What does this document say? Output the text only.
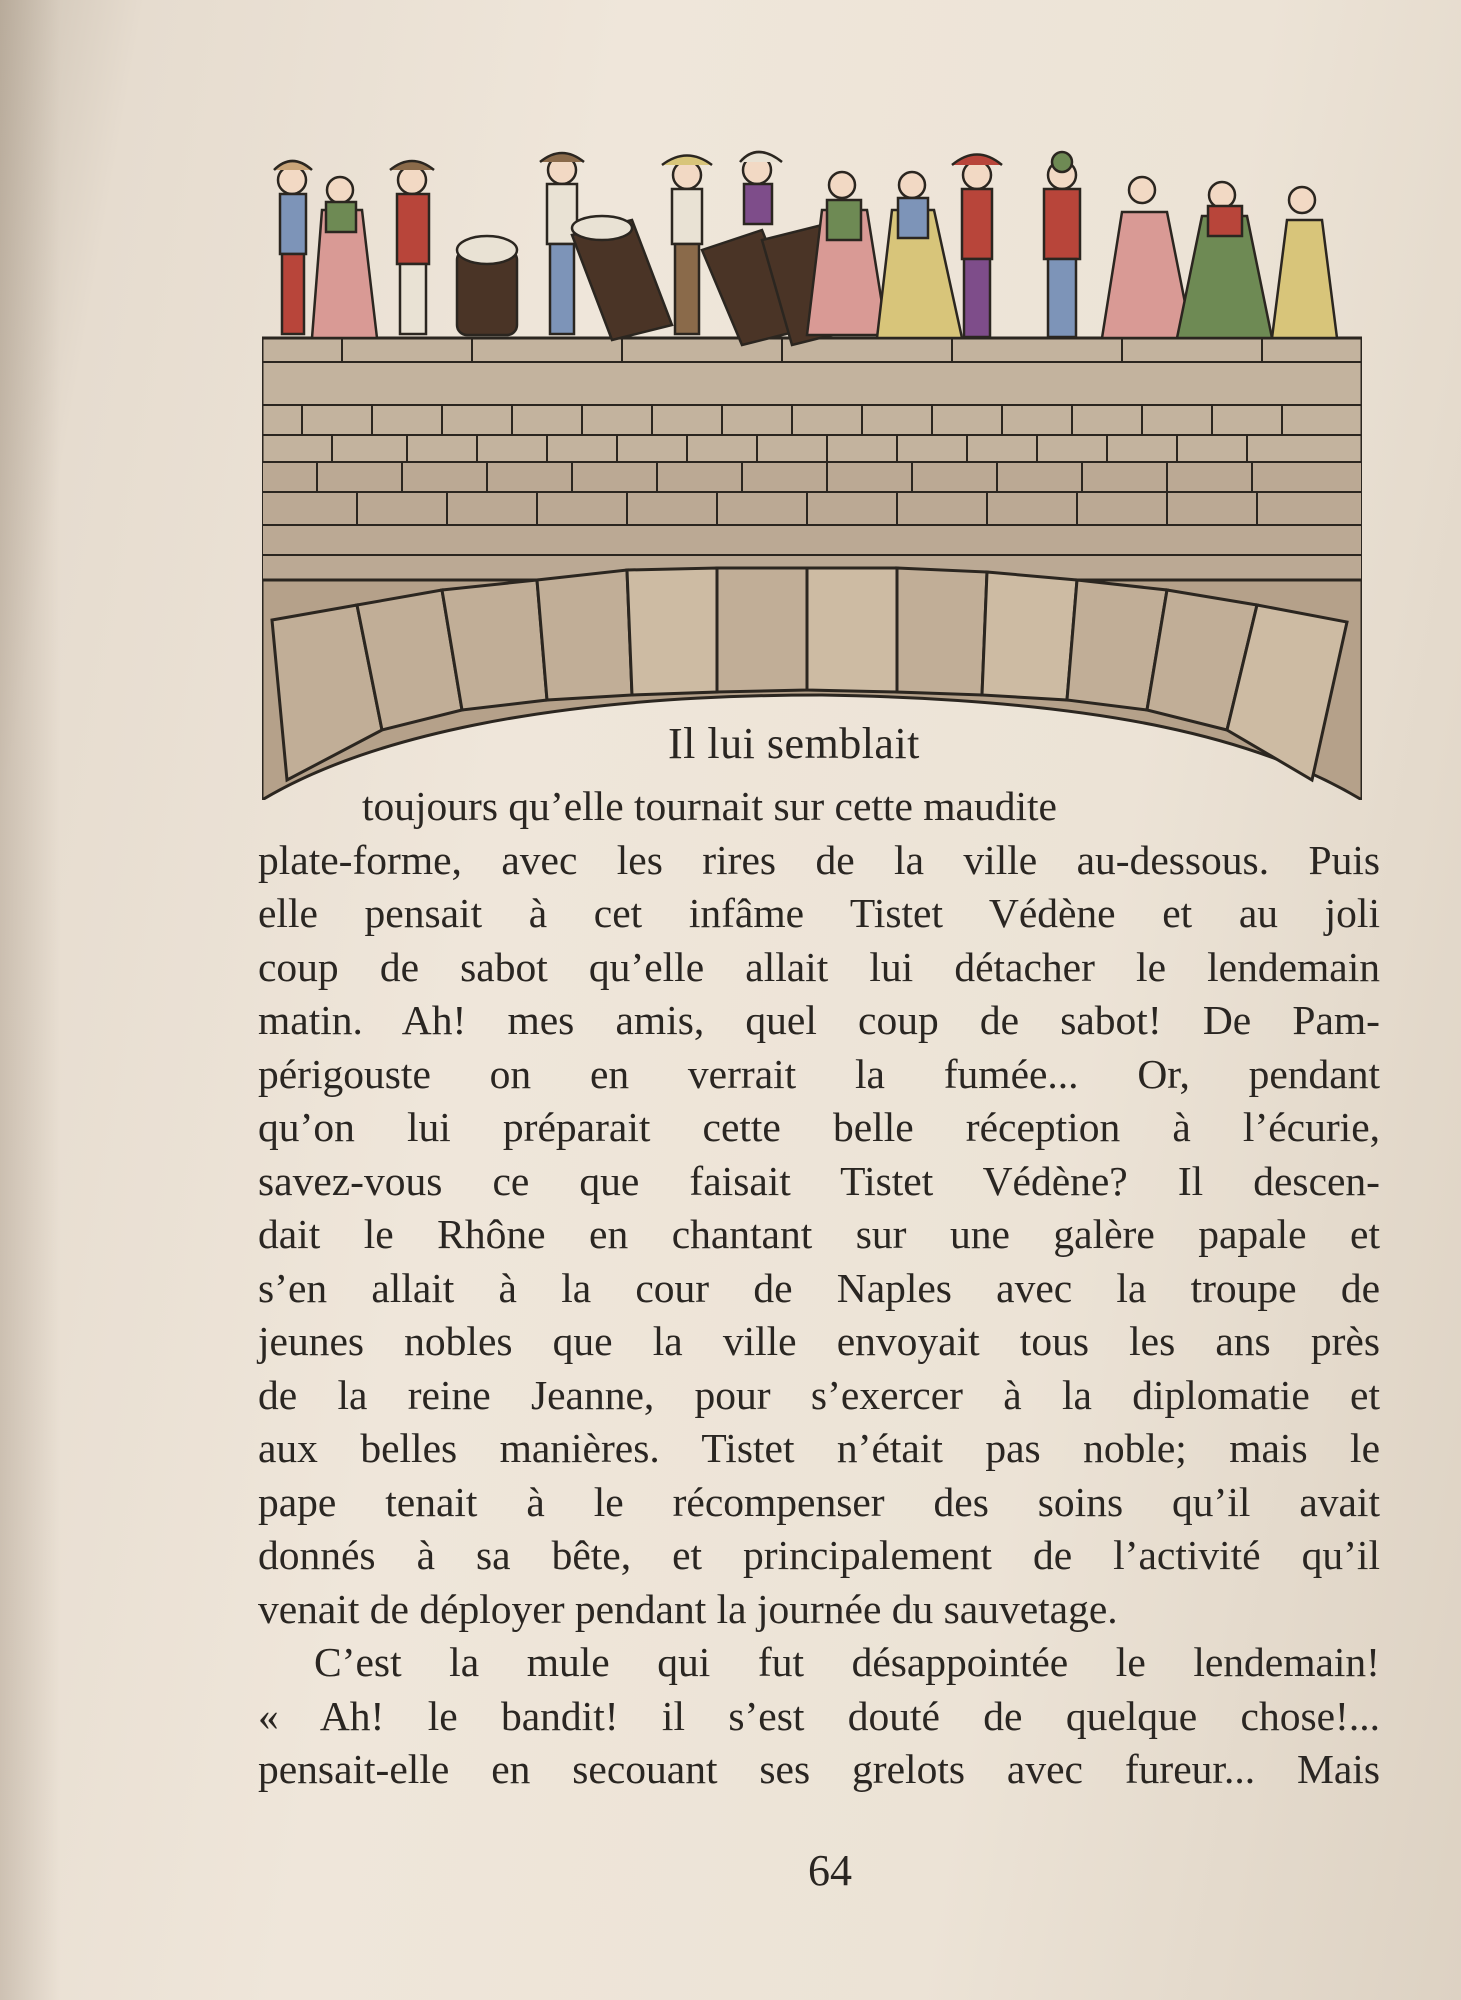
Il lui semblait
toujours qu’elle tournait sur cette maudite
plate-forme, avec les rires de la ville au-dessous. Puis
elle pensait à cet infâme Tistet Védène et au joli
coup de sabot qu’elle allait lui détacher le lendemain
matin. Ah! mes amis, quel coup de sabot! De Pam-
périgouste on en verrait la fumée... Or, pendant
qu’on lui préparait cette belle réception à l’écurie,
savez-vous ce que faisait Tistet Védène? Il descen-
dait le Rhône en chantant sur une galère papale et
s’en allait à la cour de Naples avec la troupe de
jeunes nobles que la ville envoyait tous les ans près
de la reine Jeanne, pour s’exercer à la diplomatie et
aux belles manières. Tistet n’était pas noble; mais le
pape tenait à le récompenser des soins qu’il avait
donnés à sa bête, et principalement de l’activité qu’il
venait de déployer pendant la journée du sauvetage.
C’est la mule qui fut désappointée le lendemain!
« Ah! le bandit! il s’est douté de quelque chose!...
pensait-elle en secouant ses grelots avec fureur... Mais
64
